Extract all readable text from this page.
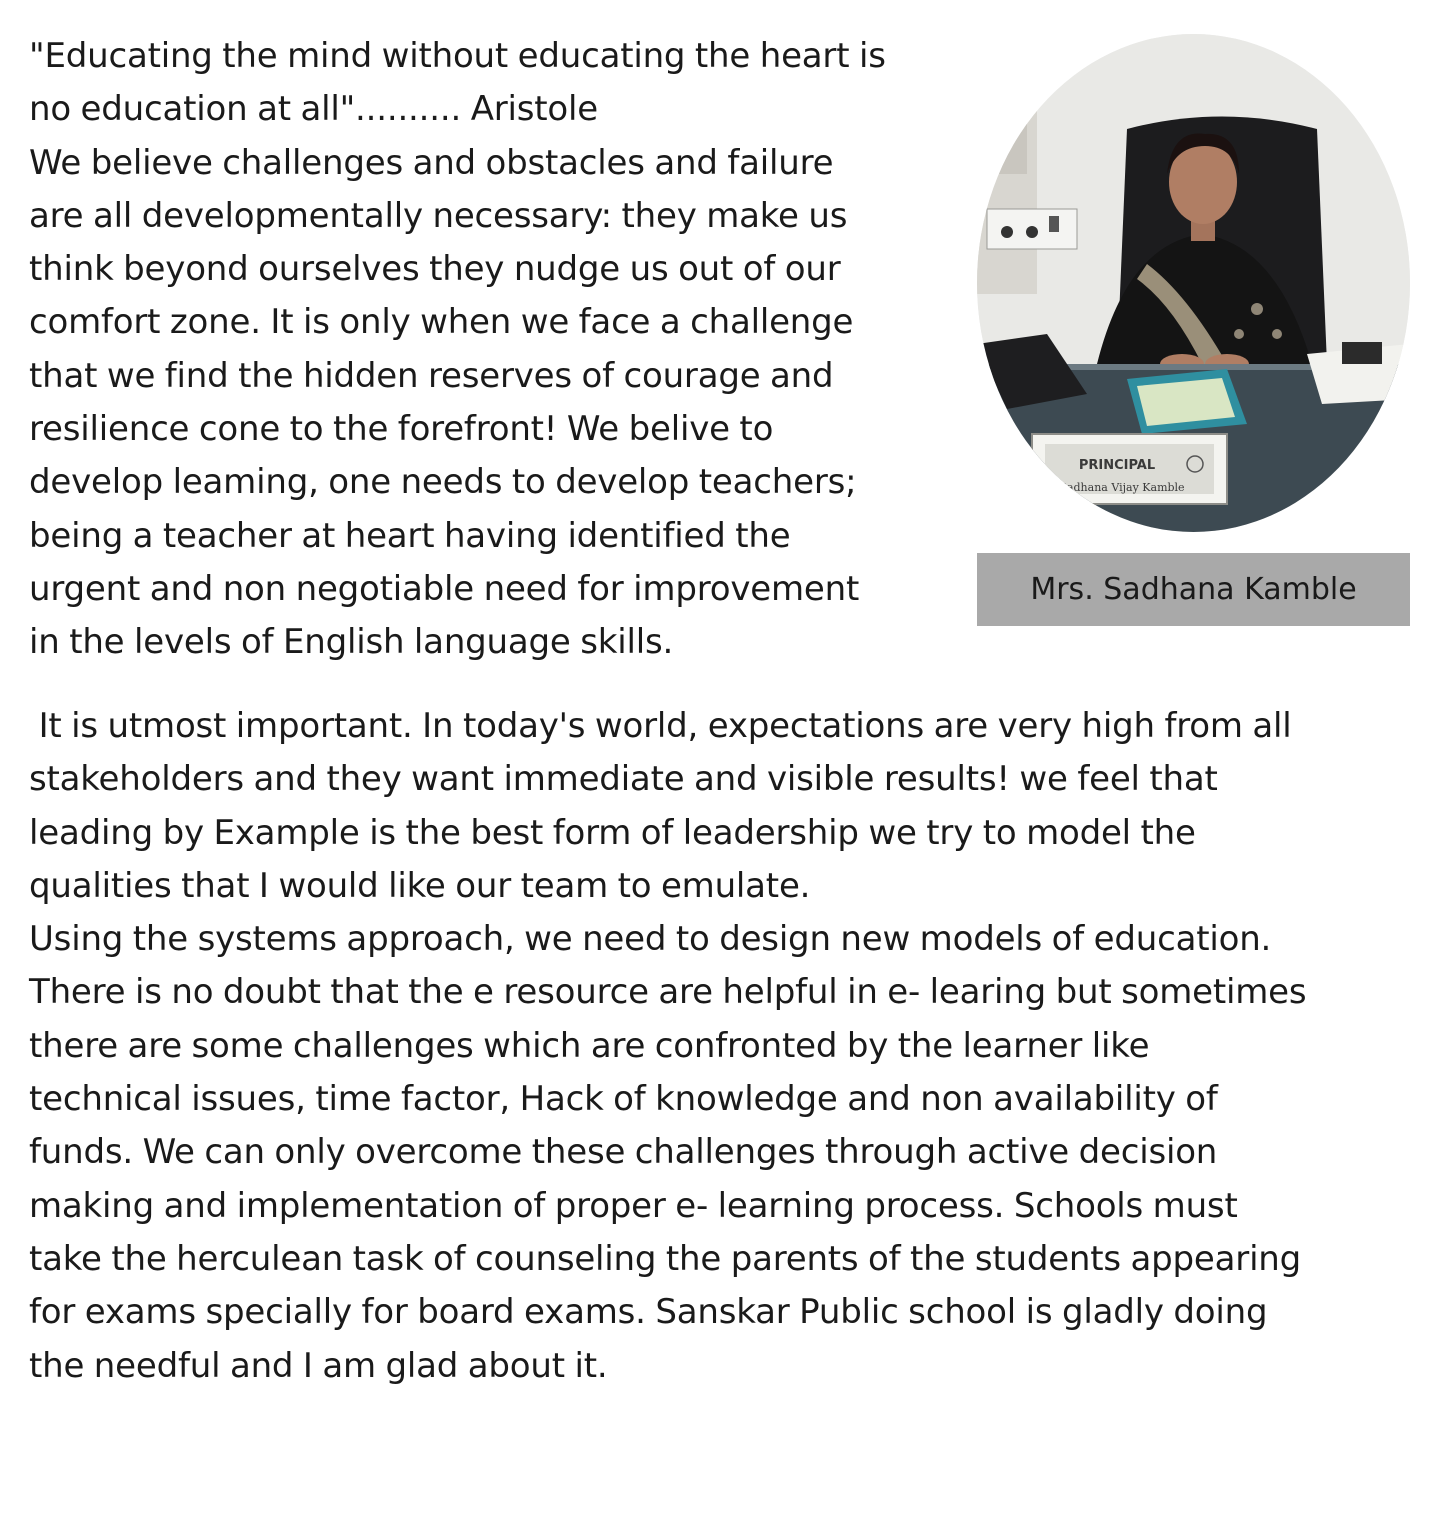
"Educating the mind without educating the heart is
no education at all".......... Aristole
We believe challenges and obstacles and failure
are all developmentally necessary: they make us
think beyond ourselves they nudge us out of our
comfort zone. It is only when we face a challenge
that we find the hidden reserves of courage and
resilience cone to the forefront! We belive to
develop leaming, one needs to develop teachers;
being a teacher at heart having identified the
urgent and non negotiable need for improvement
in the levels of English language skills.
PRINCIPAL
Sadhana Vijay Kamble
Mrs. Sadhana Kamble
It is utmost important. In today's world, expectations are very high from all
stakeholders and they want immediate and visible results! we feel that
leading by Example is the best form of leadership we try to model the
qualities that I would like our team to emulate.
Using the systems approach, we need to design new models of education.
There is no doubt that the e resource are helpful in e- learing but sometimes
there are some challenges which are confronted by the learner like
technical issues, time factor, Hack of knowledge and non availability of
funds. We can only overcome these challenges through active decision
making and implementation of proper e- learning process. Schools must
take the herculean task of counseling the parents of the students appearing
for exams specially for board exams. Sanskar Public school is gladly doing
the needful and I am glad about it.
